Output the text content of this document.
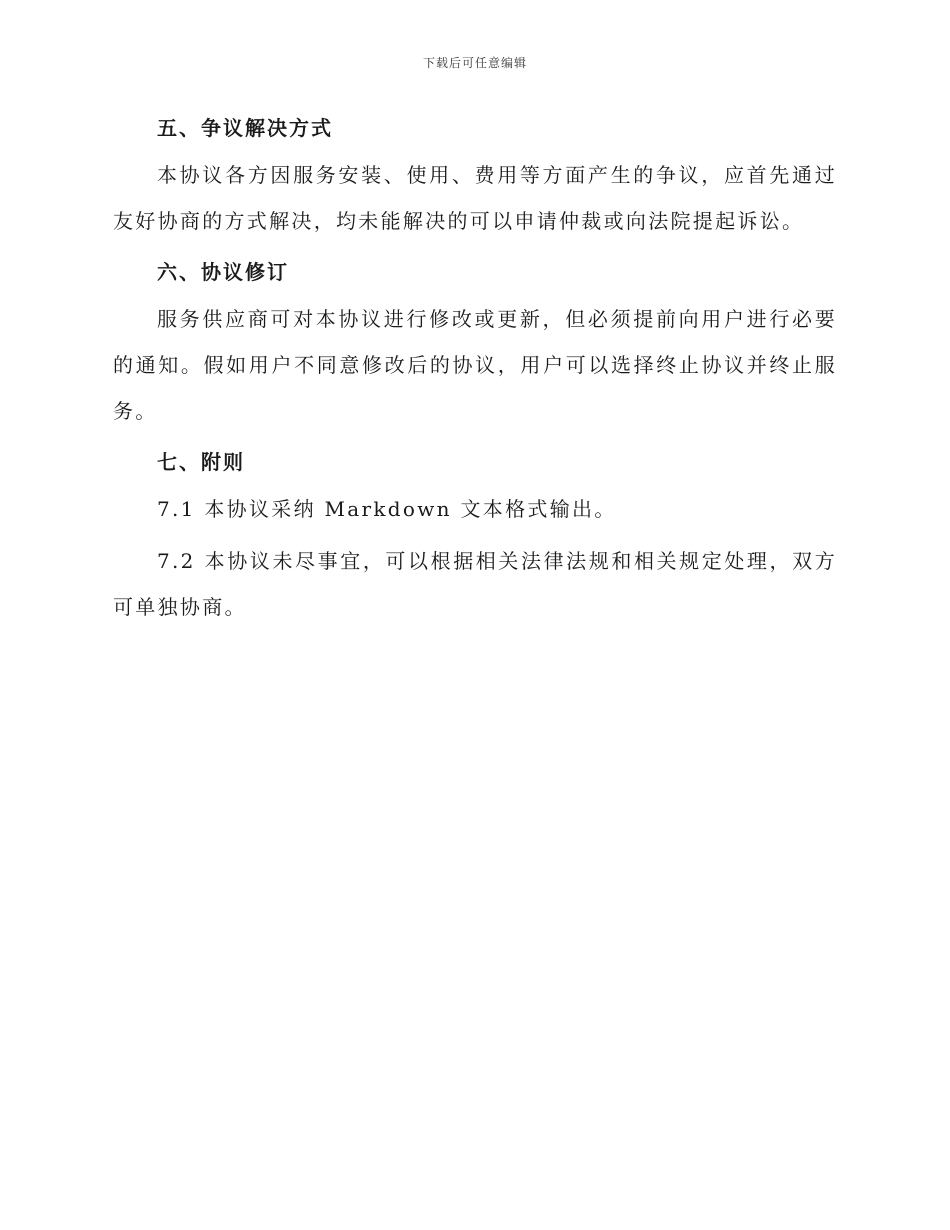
下载后可任意编辑
五、争议解决方式

本协议各方因服务安装、使用、费用等方面产生的争议，应首先通过友好协商的方式解决，均未能解决的可以申请仲裁或向法院提起诉讼。

六、协议修订

服务供应商可对本协议进行修改或更新，但必须提前向用户进行必要的通知。假如用户不同意修改后的协议，用户可以选择终止协议并终止服务。

七、附则

7.1 本协议采纳 Markdown 文本格式输出。

7.2 本协议未尽事宜，可以根据相关法律法规和相关规定处理，双方可单独协商。
